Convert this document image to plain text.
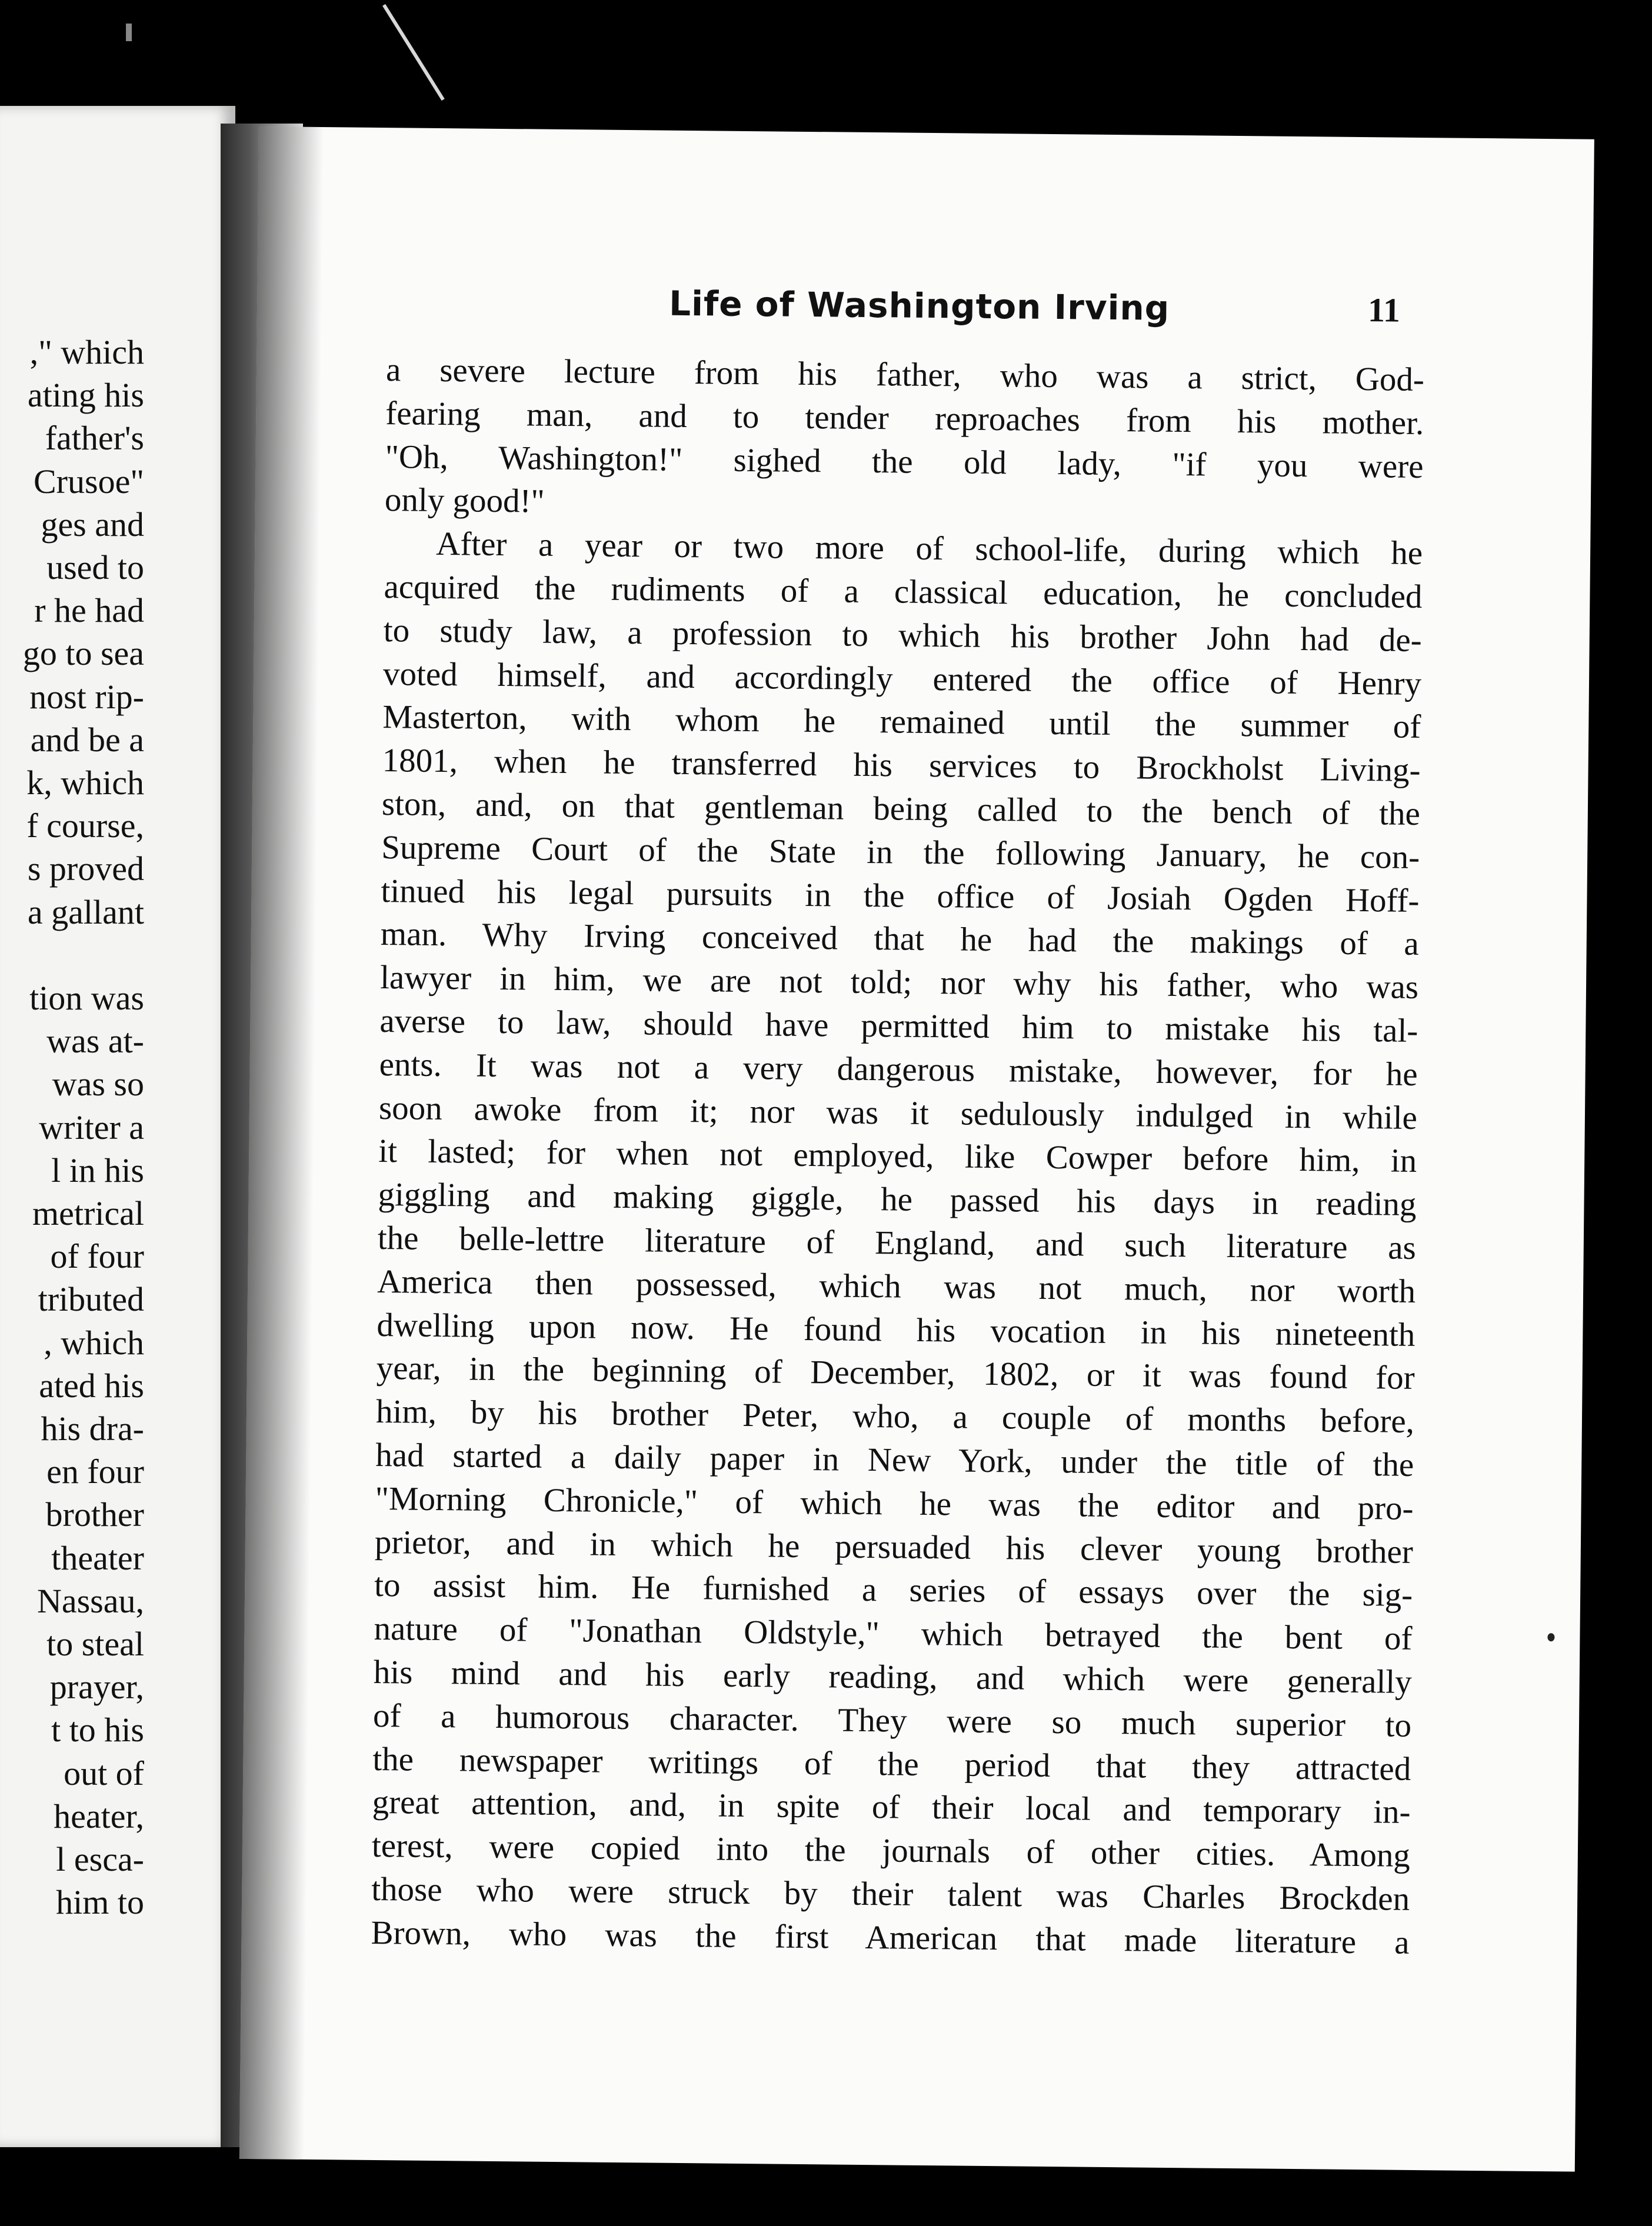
," which
ating his
father's
Crusoe"
ges and
used to
r he had
go to sea
nost rip-
and be a
k, which
f course,
s proved
a gallant
tion was
was at-
was so
writer a
l in his
metrical
of four
tributed
, which
ated his
his dra-
en four
brother
theater
Nassau,
to steal
prayer,
t to his
out of
heater,
l esca-
him to
Life of Washington Irving	11
a severe lecture from his father, who was a strict, God-
fearing man, and to tender reproaches from his mother.
"Oh, Washington!" sighed the old lady, "if you were
only good!"
After a year or two more of school-life, during which he
acquired the rudiments of a classical education, he concluded
to study law, a profession to which his brother John had de-
voted himself, and accordingly entered the office of Henry
Masterton, with whom he remained until the summer of
1801, when he transferred his services to Brockholst Living-
ston, and, on that gentleman being called to the bench of the
Supreme Court of the State in the following January, he con-
tinued his legal pursuits in the office of Josiah Ogden Hoff-
man. Why Irving conceived that he had the makings of a
lawyer in him, we are not told; nor why his father, who was
averse to law, should have permitted him to mistake his tal-
ents. It was not a very dangerous mistake, however, for he
soon awoke from it; nor was it sedulously indulged in while
it lasted; for when not employed, like Cowper before him, in
giggling and making giggle, he passed his days in reading
the belle-lettre literature of England, and such literature as
America then possessed, which was not much, nor worth
dwelling upon now. He found his vocation in his nineteenth
year, in the beginning of December, 1802, or it was found for
him, by his brother Peter, who, a couple of months before,
had started a daily paper in New York, under the title of the
"Morning Chronicle," of which he was the editor and pro-
prietor, and in which he persuaded his clever young brother
to assist him. He furnished a series of essays over the sig-
nature of "Jonathan Oldstyle," which betrayed the bent of
his mind and his early reading, and which were generally
of a humorous character. They were so much superior to
the newspaper writings of the period that they attracted
great attention, and, in spite of their local and temporary in-
terest, were copied into the journals of other cities. Among
those who were struck by their talent was Charles Brockden
Brown, who was the first American that made literature a
